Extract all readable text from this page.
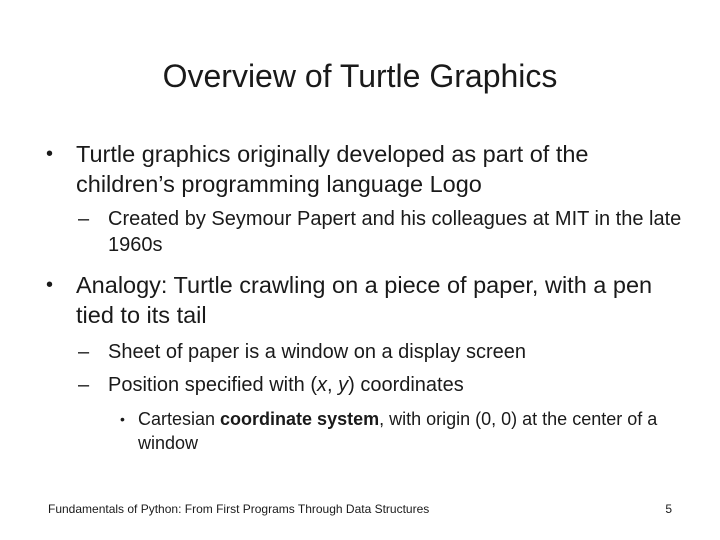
Overview of Turtle Graphics

• Turtle graphics originally developed as part of the children’s programming language Logo

– Created by Seymour Papert and his colleagues at MIT in the late 1960s

• Analogy: Turtle crawling on a piece of paper, with a pen tied to its tail

– Sheet of paper is a window on a display screen

– Position specified with (x, y) coordinates

• Cartesian coordinate system, with origin (0, 0) at the center of a window

Fundamentals of Python: From First Programs Through Data Structures	5
